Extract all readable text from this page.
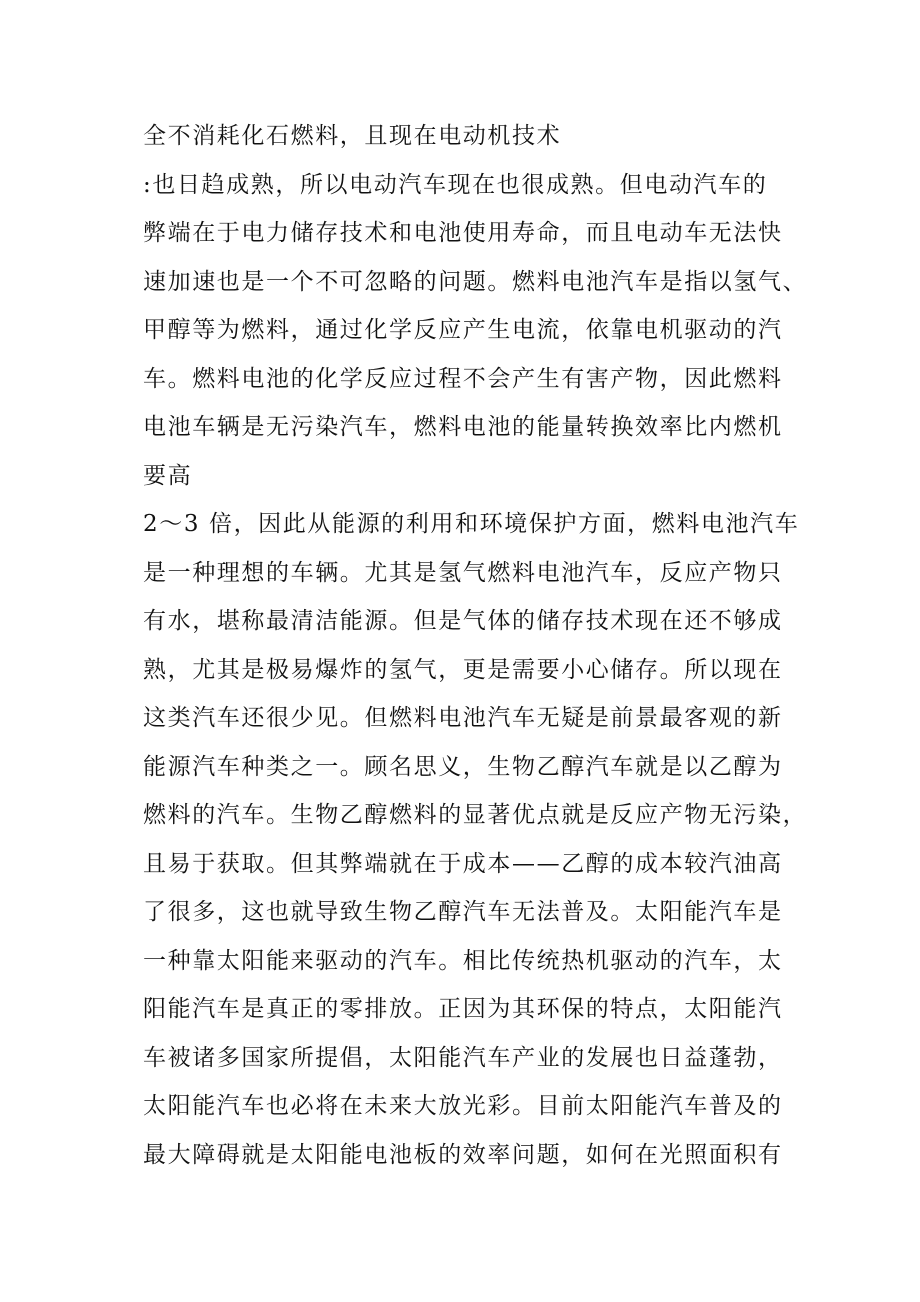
全不消耗化石燃料，且现在电动机技术
:也日趋成熟，所以电动汽车现在也很成熟。但电动汽车的
弊端在于电力储存技术和电池使用寿命，而且电动车无法快
速加速也是一个不可忽略的问题。燃料电池汽车是指以氢气、
甲醇等为燃料，通过化学反应产生电流，依靠电机驱动的汽
车。燃料电池的化学反应过程不会产生有害产物，因此燃料
电池车辆是无污染汽车，燃料电池的能量转换效率比内燃机
要高
2～3 倍，因此从能源的利用和环境保护方面，燃料电池汽车
是一种理想的车辆。尤其是氢气燃料电池汽车，反应产物只
有水，堪称最清洁能源。但是气体的储存技术现在还不够成
熟，尤其是极易爆炸的氢气，更是需要小心储存。所以现在
这类汽车还很少见。但燃料电池汽车无疑是前景最客观的新
能源汽车种类之一。顾名思义，生物乙醇汽车就是以乙醇为
燃料的汽车。生物乙醇燃料的显著优点就是反应产物无污染，
且易于获取。但其弊端就在于成本——乙醇的成本较汽油高
了很多，这也就导致生物乙醇汽车无法普及。太阳能汽车是
一种靠太阳能来驱动的汽车。相比传统热机驱动的汽车，太
阳能汽车是真正的零排放。正因为其环保的特点，太阳能汽
车被诸多国家所提倡，太阳能汽车产业的发展也日益蓬勃，
太阳能汽车也必将在未来大放光彩。目前太阳能汽车普及的
最大障碍就是太阳能电池板的效率问题，如何在光照面积有
